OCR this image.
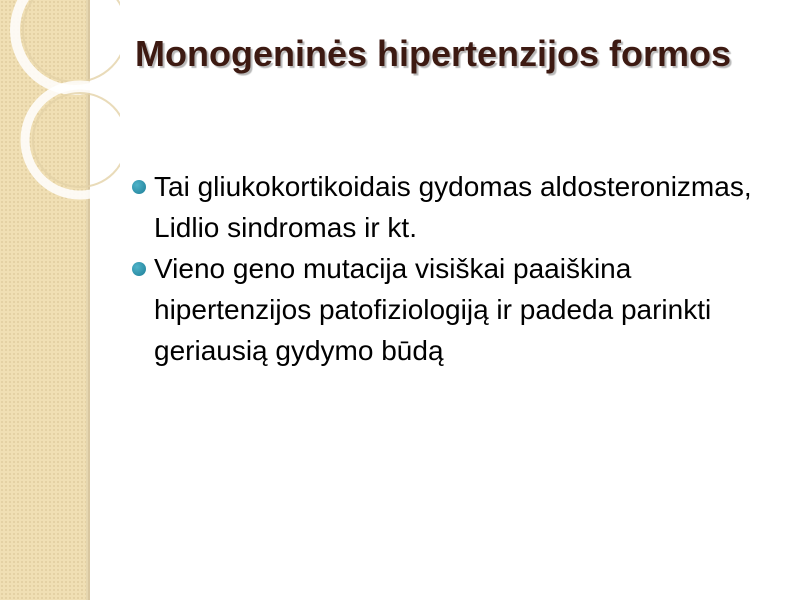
Monogeninės hipertenzijos formos
Tai gliukokortikoidais gydomas aldosteronizmas, Lidlio sindromas ir kt.
Vieno geno mutacija visiškai paaiškina hipertenzijos patofiziologiją ir padeda parinkti geriausią gydymo būdą
